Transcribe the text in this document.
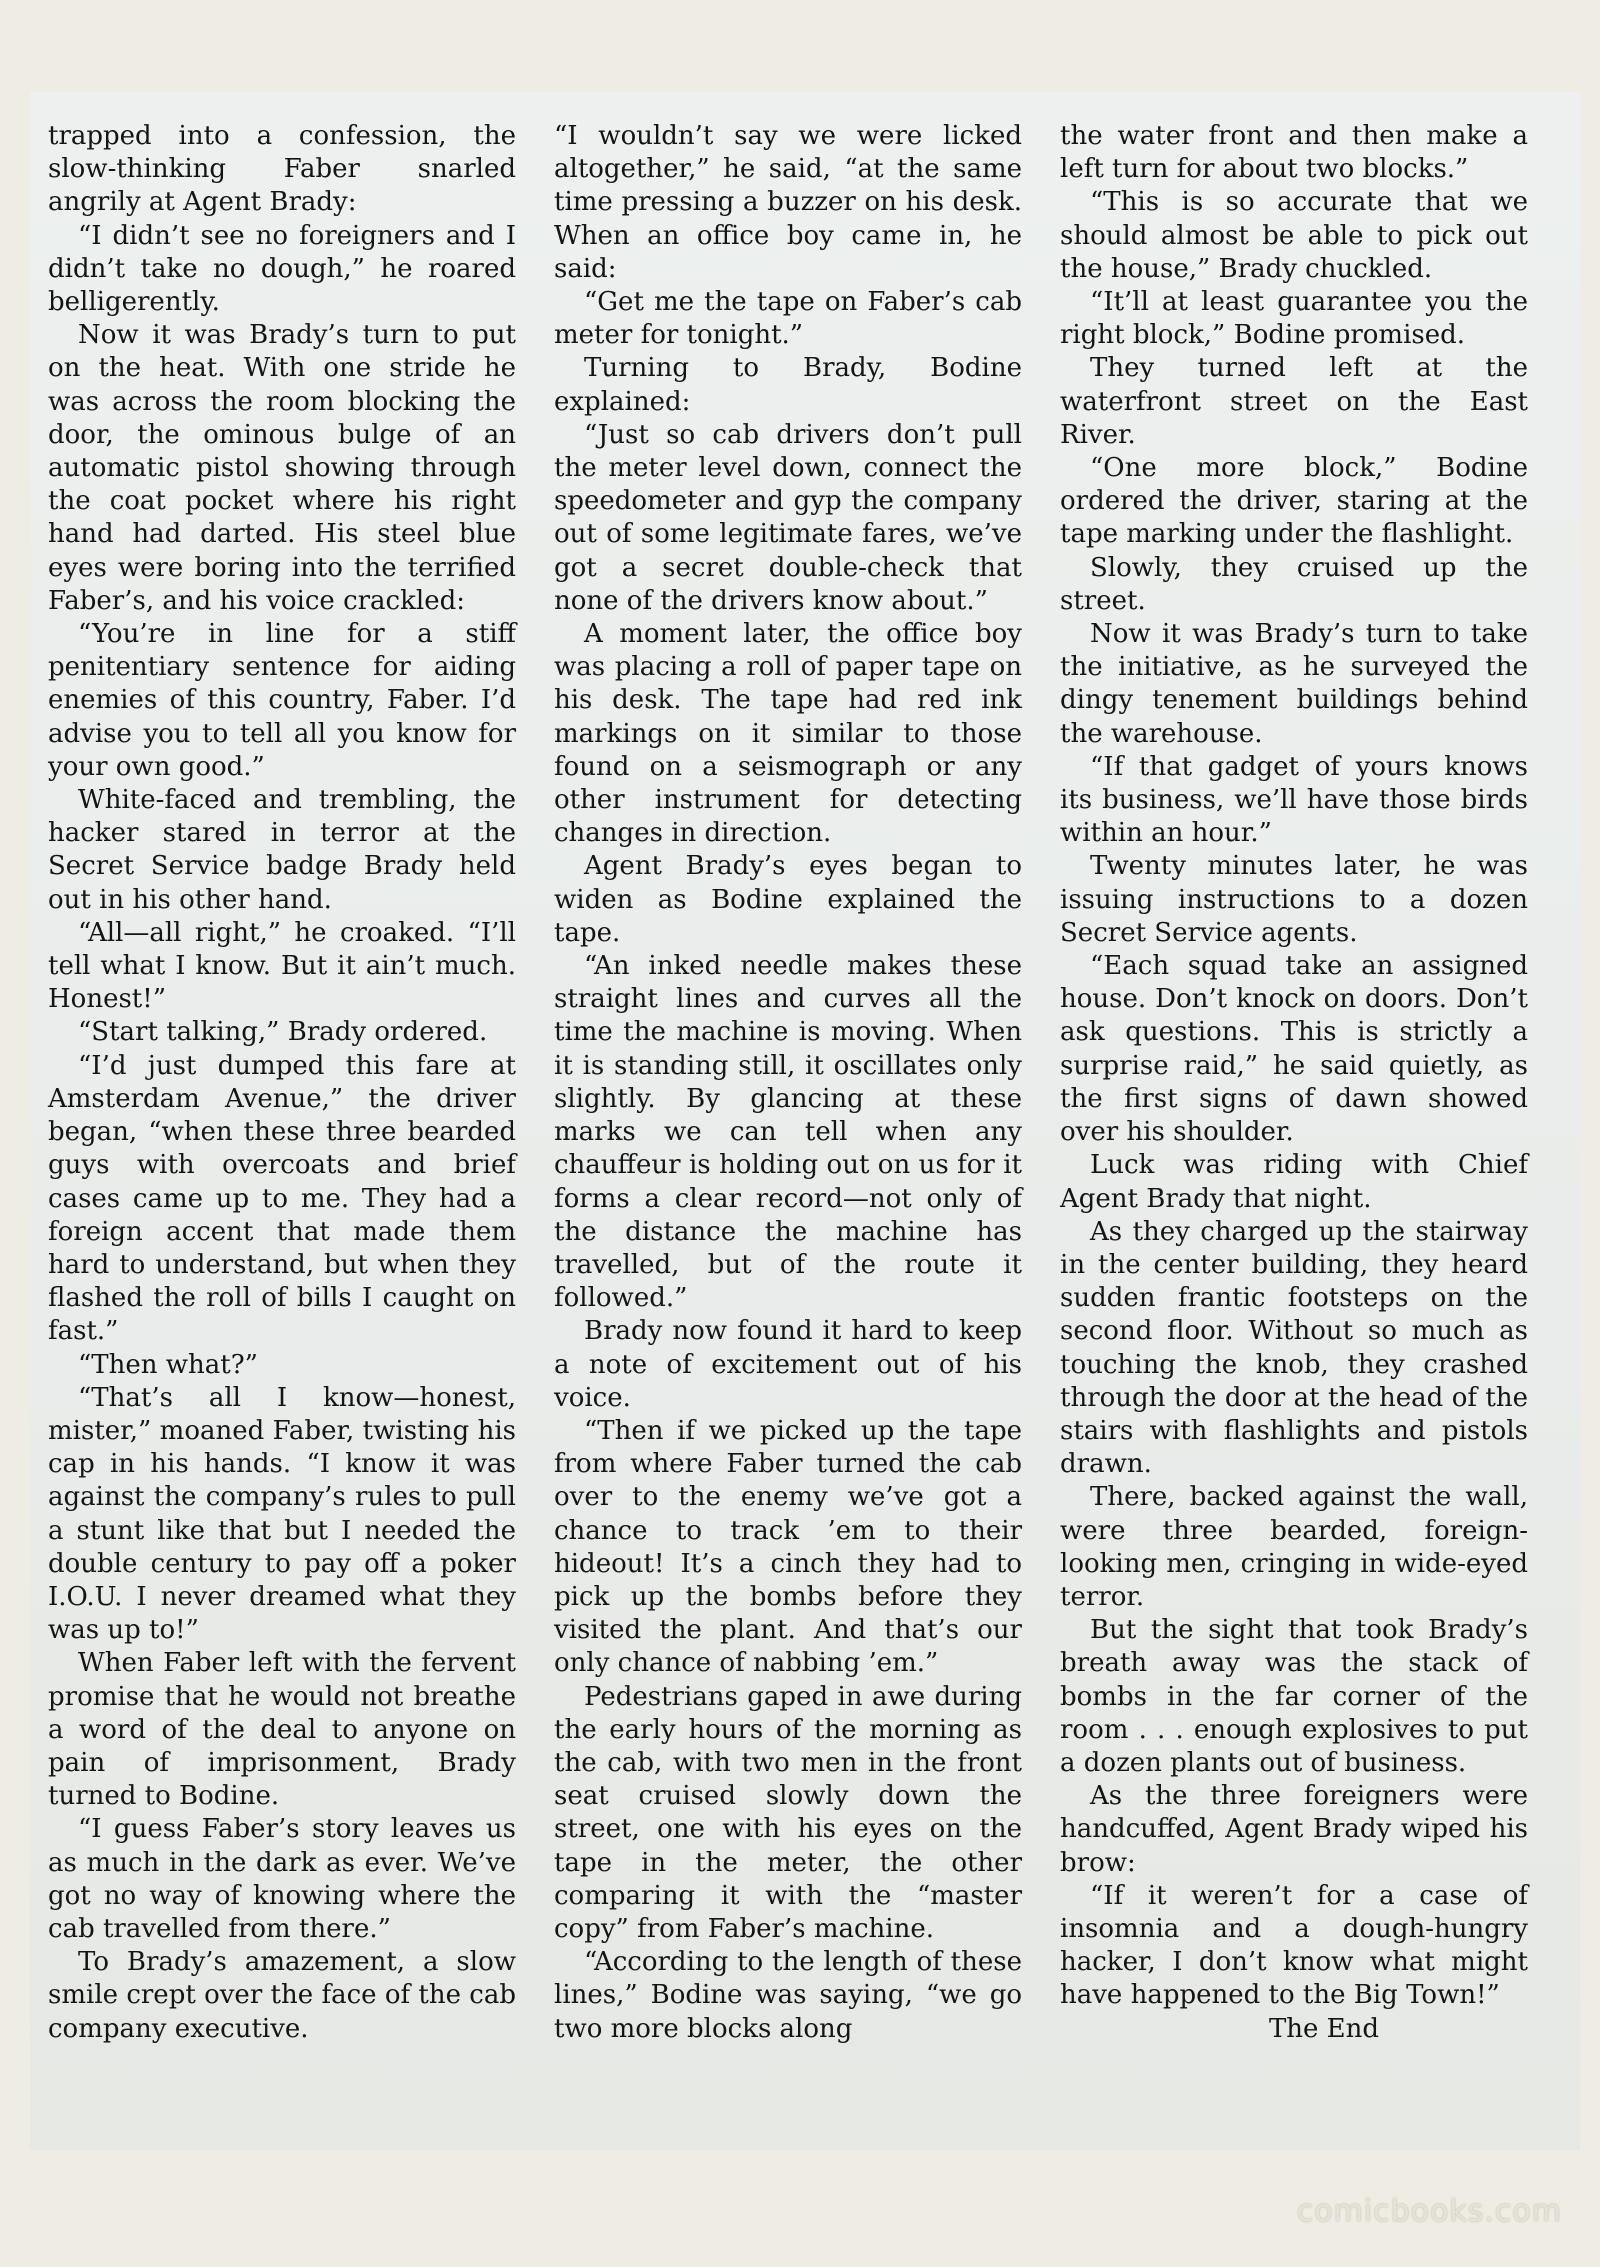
trapped into a confession, the slow-thinking Faber snarled angrily at Agent Brady:

“I didn’t see no foreigners and I didn’t take no dough,” he roared belligerently.

Now it was Brady’s turn to put on the heat. With one stride he was across the room blocking the door, the ominous bulge of an automatic pistol showing through the coat pocket where his right hand had darted. His steel blue eyes were boring into the terrified Faber’s, and his voice crackled:

“You’re in line for a stiff penitentiary sentence for aiding enemies of this country, Faber. I’d advise you to tell all you know for your own good.”

White-faced and trembling, the hacker stared in terror at the Secret Service badge Brady held out in his other hand.

“All—all right,” he croaked. “I’ll tell what I know. But it ain’t much. Honest!”

“Start talking,” Brady ordered.

“I’d just dumped this fare at Amsterdam Avenue,” the driver began, “when these three bearded guys with overcoats and brief cases came up to me. They had a foreign accent that made them hard to understand, but when they flashed the roll of bills I caught on fast.”

“Then what?”

“That’s all I know—honest, mister,” moaned Faber, twisting his cap in his hands. “I know it was against the company’s rules to pull a stunt like that but I needed the double century to pay off a poker I.O.U. I never dreamed what they was up to!”

When Faber left with the fervent promise that he would not breathe a word of the deal to anyone on pain of imprisonment, Brady turned to Bodine.

“I guess Faber’s story leaves us as much in the dark as ever. We’ve got no way of knowing where the cab travelled from there.”

To Brady’s amazement, a slow smile crept over the face of the cab company executive.

“I wouldn’t say we were licked altogether,” he said, “at the same time pressing a buzzer on his desk. When an office boy came in, he said:

“Get me the tape on Faber’s cab meter for tonight.”

Turning to Brady, Bodine explained:

“Just so cab drivers don’t pull the meter level down, connect the speedometer and gyp the company out of some legitimate fares, we’ve got a secret double-check that none of the drivers know about.”

A moment later, the office boy was placing a roll of paper tape on his desk. The tape had red ink markings on it similar to those found on a seismograph or any other instrument for detecting changes in direction.

Agent Brady’s eyes began to widen as Bodine explained the tape.

“An inked needle makes these straight lines and curves all the time the machine is moving. When it is standing still, it oscillates only slightly. By glancing at these marks we can tell when any chauffeur is holding out on us for it forms a clear record—not only of the distance the machine has travelled, but of the route it followed.”

Brady now found it hard to keep a note of excitement out of his voice.

“Then if we picked up the tape from where Faber turned the cab over to the enemy we’ve got a chance to track ’em to their hideout! It’s a cinch they had to pick up the bombs before they visited the plant. And that’s our only chance of nabbing ’em.”

Pedestrians gaped in awe during the early hours of the morning as the cab, with two men in the front seat cruised slowly down the street, one with his eyes on the tape in the meter, the other comparing it with the “master copy” from Faber’s machine.

“According to the length of these lines,” Bodine was saying, “we go two more blocks along

the water front and then make a left turn for about two blocks.”

“This is so accurate that we should almost be able to pick out the house,” Brady chuckled.

“It’ll at least guarantee you the right block,” Bodine promised.

They turned left at the waterfront street on the East River.

“One more block,” Bodine ordered the driver, staring at the tape marking under the flashlight.

Slowly, they cruised up the street.

Now it was Brady’s turn to take the initiative, as he surveyed the dingy tenement buildings behind the warehouse.

“If that gadget of yours knows its business, we’ll have those birds within an hour.”

Twenty minutes later, he was issuing instructions to a dozen Secret Service agents.

“Each squad take an assigned house. Don’t knock on doors. Don’t ask questions. This is strictly a surprise raid,” he said quietly, as the first signs of dawn showed over his shoulder.

Luck was riding with Chief Agent Brady that night.

As they charged up the stairway in the center building, they heard sudden frantic footsteps on the second floor. Without so much as touching the knob, they crashed through the door at the head of the stairs with flashlights and pistols drawn.

There, backed against the wall, were three bearded, foreign-looking men, cringing in wide-eyed terror.

But the sight that took Brady’s breath away was the stack of bombs in the far corner of the room . . . enough explosives to put a dozen plants out of business.

As the three foreigners were handcuffed, Agent Brady wiped his brow:

“If it weren’t for a case of insomnia and a dough-hungry hacker, I don’t know what might have happened to the Big Town!”

The End

comicbooks.com
